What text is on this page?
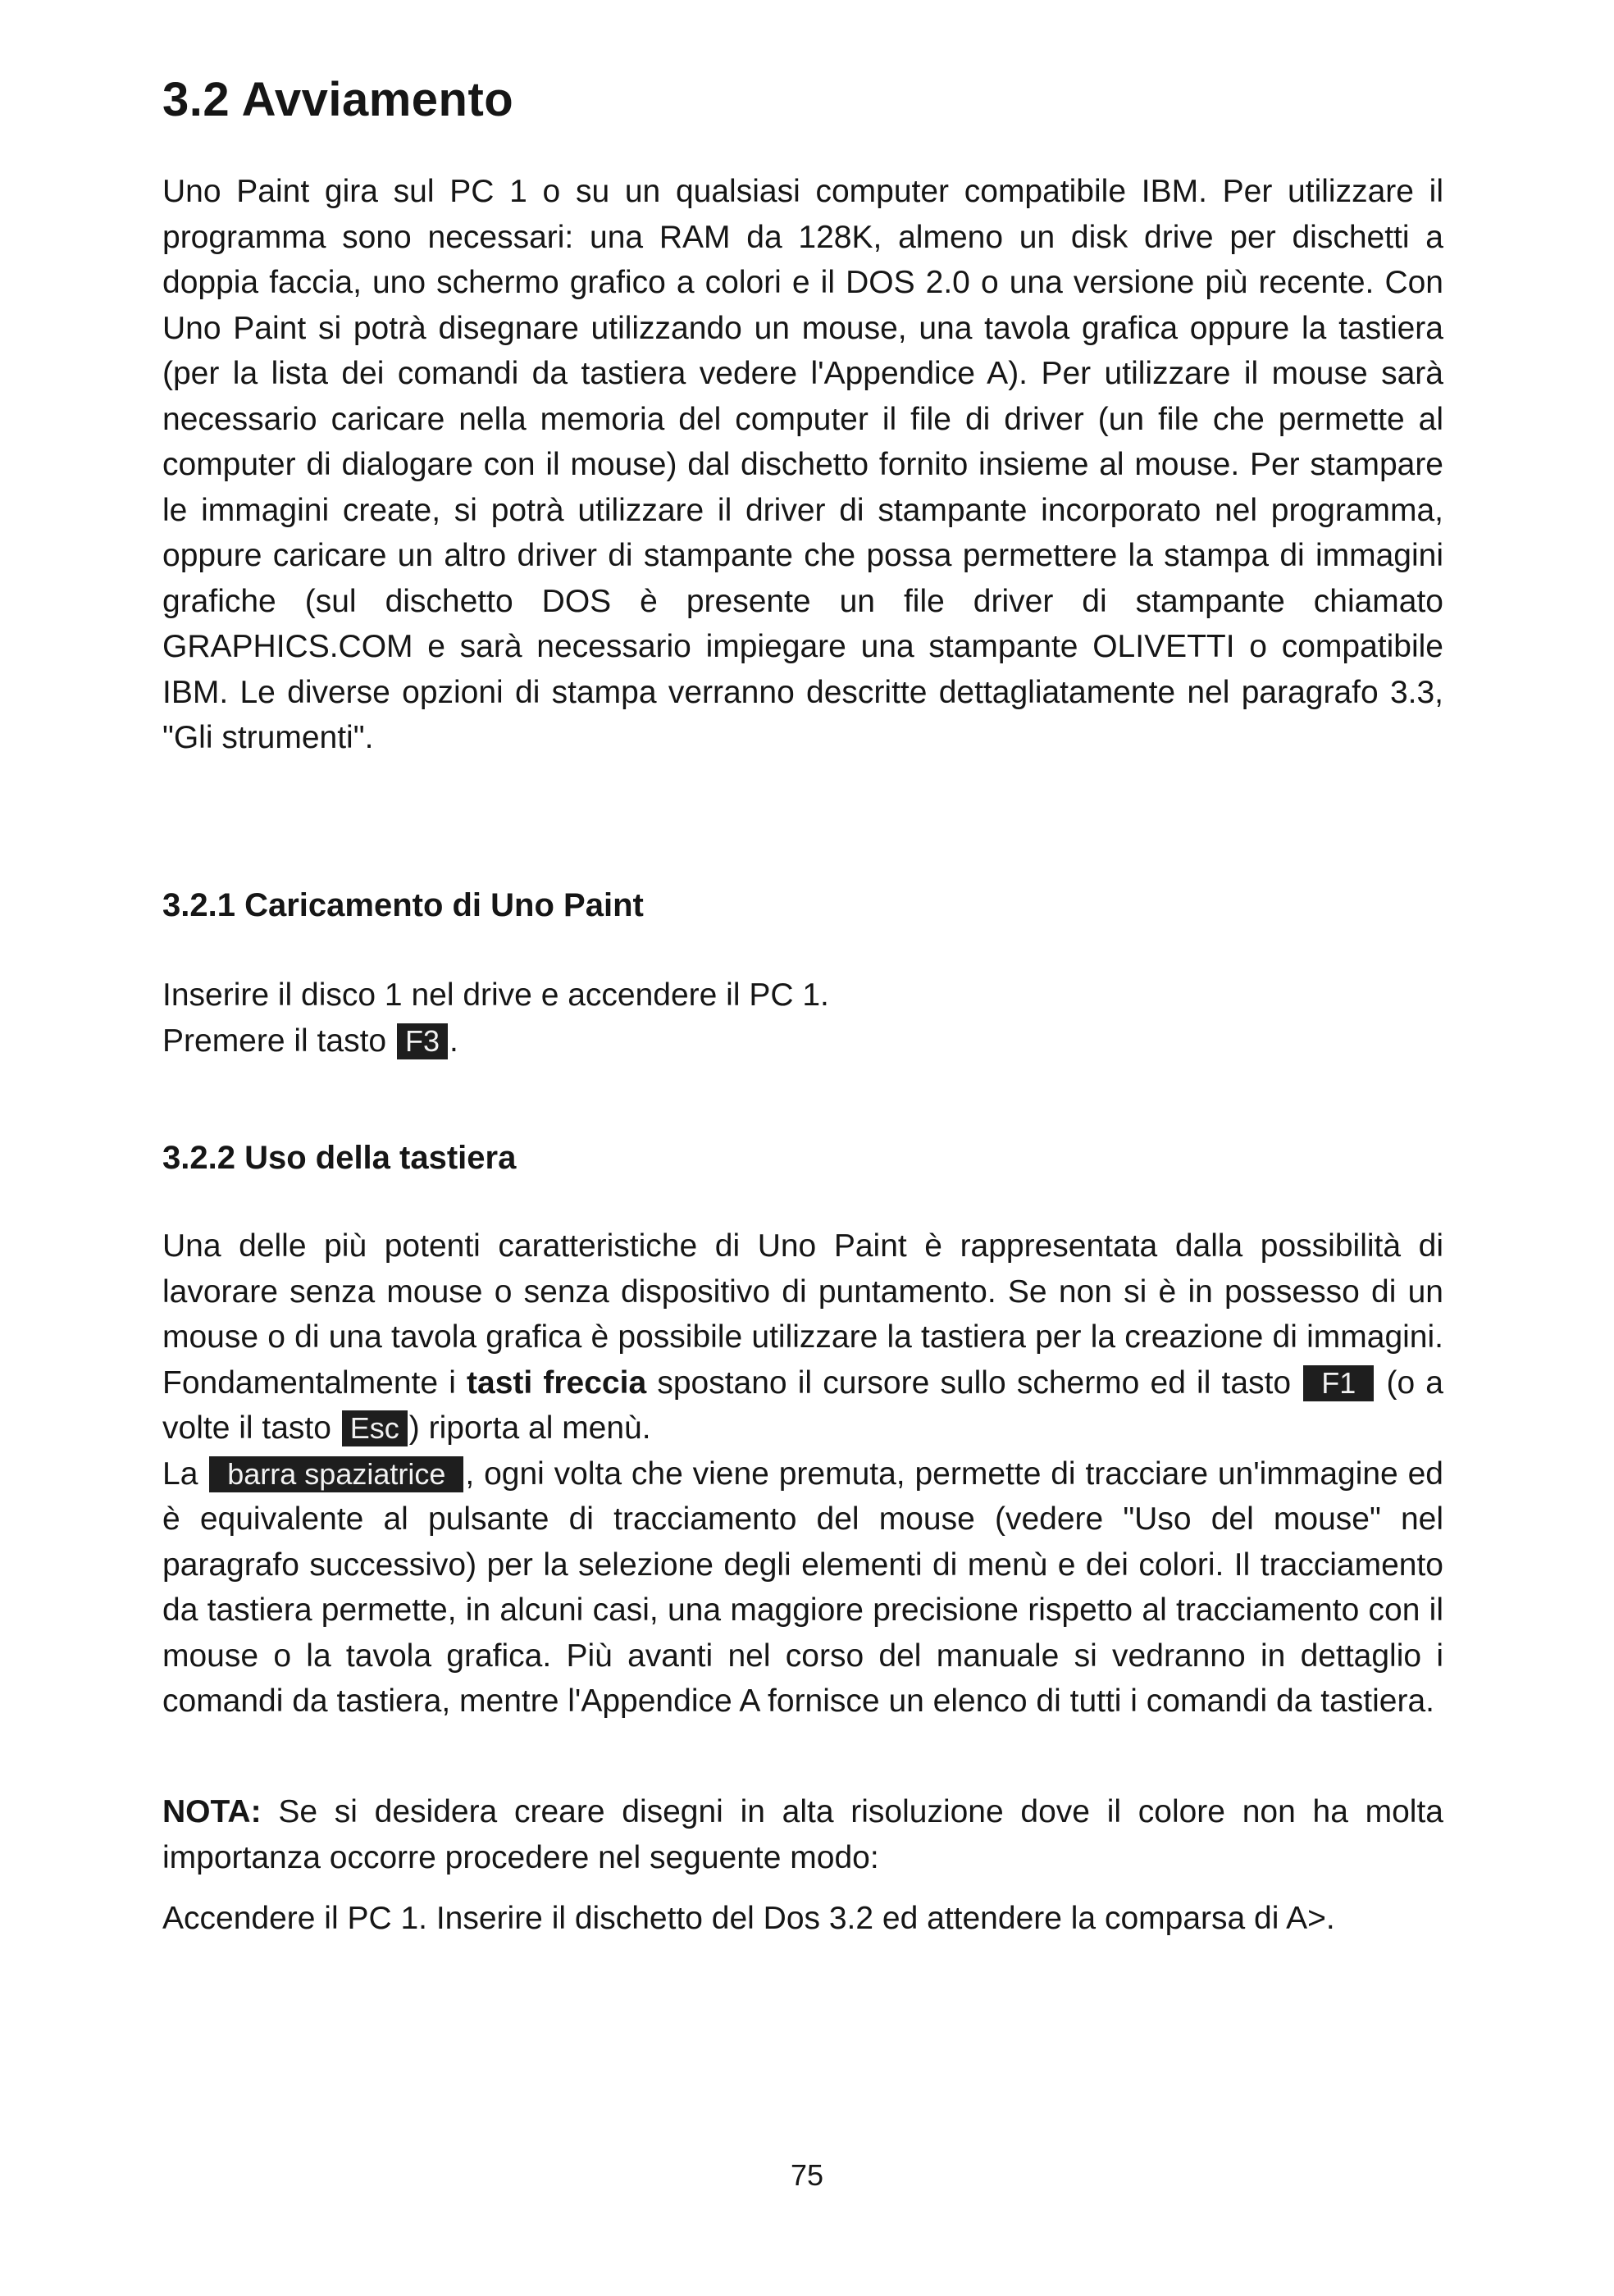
3.2 Avviamento

Uno Paint gira sul PC 1 o su un qualsiasi computer compatibile IBM. Per utilizzare il programma sono necessari: una RAM da 128K, almeno un disk drive per dischetti a doppia faccia, uno schermo grafico a colori e il DOS 2.0 o una versione più recente. Con Uno Paint si potrà disegnare utilizzando un mouse, una tavola grafica oppure la tastiera (per la lista dei comandi da tastiera vedere l'Appendice A). Per utilizzare il mouse sarà necessario caricare nella memoria del computer il file di driver (un file che permette al computer di dialogare con il mouse) dal dischetto fornito insieme al mouse. Per stampare le immagini create, si potrà utilizzare il driver di stampante incorporato nel programma, oppure caricare un altro driver di stampante che possa permettere la stampa di immagini grafiche (sul dischetto DOS è presente un file driver di stampante chiamato GRAPHICS.COM e sarà necessario impiegare una stampante OLIVETTI o compatibile IBM. Le diverse opzioni di stampa verranno descritte dettagliatamente nel paragrafo 3.3, "Gli strumenti".

3.2.1 Caricamento di Uno Paint

Inserire il disco 1 nel drive e accendere il PC 1.

Premere il tasto F3 .

3.2.2 Uso della tastiera

Una delle più potenti caratteristiche di Uno Paint è rappresentata dalla possibilità di lavorare senza mouse o senza dispositivo di puntamento. Se non si è in possesso di un mouse o di una tavola grafica è possibile utilizzare la tastiera per la creazione di immagini. Fondamentalmente i tasti freccia spostano il cursore sullo schermo ed il tasto F1 (o a volte il tasto Esc ) riporta al menù.

La barra spaziatrice , ogni volta che viene premuta, permette di tracciare un'immagine ed è equivalente al pulsante di tracciamento del mouse (vedere "Uso del mouse" nel paragrafo successivo) per la selezione degli elementi di menù e dei colori. Il tracciamento da tastiera permette, in alcuni casi, una maggiore precisione rispetto al tracciamento con il mouse o la tavola grafica. Più avanti nel corso del manuale si vedranno in dettaglio i comandi da tastiera, mentre l'Appendice A fornisce un elenco di tutti i comandi da tastiera.

NOTA: Se si desidera creare disegni in alta risoluzione dove il colore non ha molta importanza occorre procedere nel seguente modo:

Accendere il PC 1. Inserire il dischetto del Dos 3.2 ed attendere la comparsa di A>.

75
